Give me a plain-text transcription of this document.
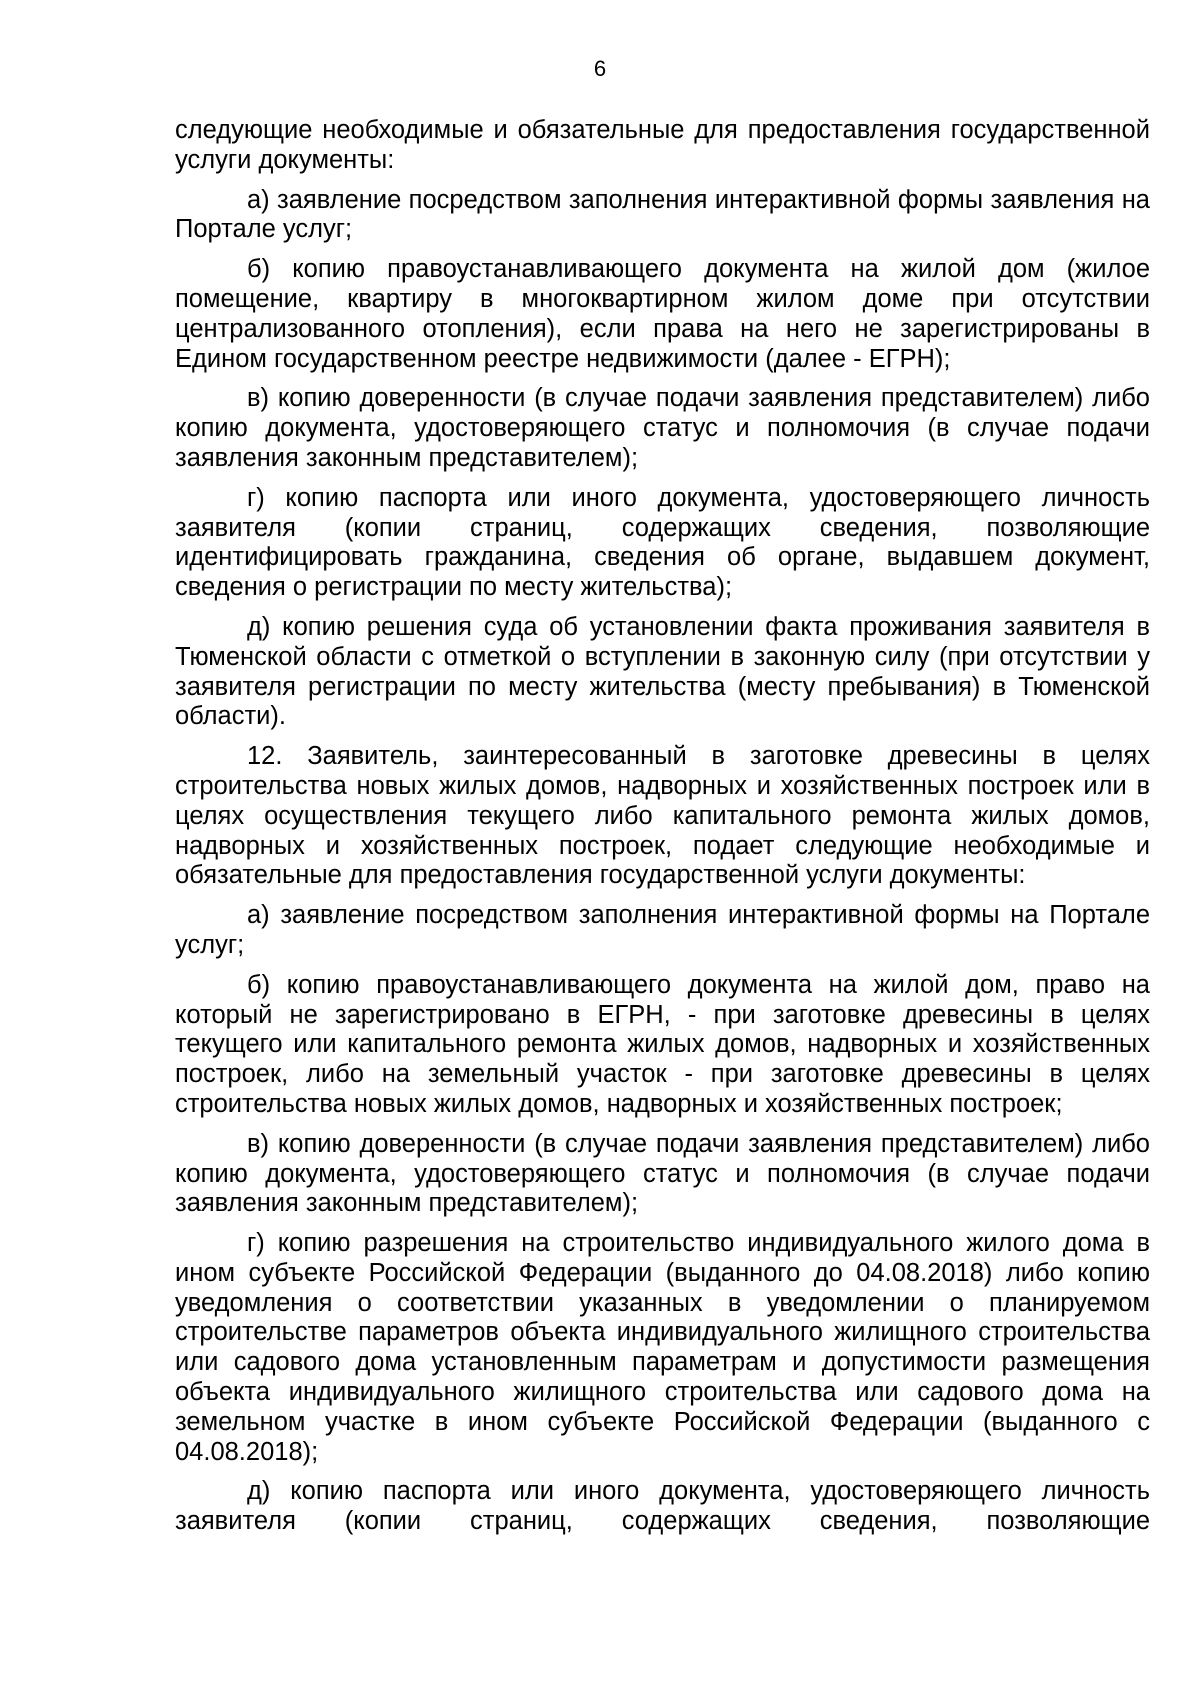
6

следующие необходимые и обязательные для предоставления государственной услуги документы:

а) заявление посредством заполнения интерактивной формы заявления на Портале услуг;

б) копию правоустанавливающего документа на жилой дом (жилое помещение, квартиру в многоквартирном жилом доме при отсутствии централизованного отопления), если права на него не зарегистрированы в Едином государственном реестре недвижимости (далее - ЕГРН);

в) копию доверенности (в случае подачи заявления представителем) либо копию документа, удостоверяющего статус и полномочия (в случае подачи заявления законным представителем);

г) копию паспорта или иного документа, удостоверяющего личность заявителя (копии страниц, содержащих сведения, позволяющие идентифицировать гражданина, сведения об органе, выдавшем документ, сведения о регистрации по месту жительства);

д) копию решения суда об установлении факта проживания заявителя в Тюменской области с отметкой о вступлении в законную силу (при отсутствии у заявителя регистрации по месту жительства (месту пребывания) в Тюменской области).

12. Заявитель, заинтересованный в заготовке древесины в целях строительства новых жилых домов, надворных и хозяйственных построек или в целях осуществления текущего либо капитального ремонта жилых домов, надворных и хозяйственных построек, подает следующие необходимые и обязательные для предоставления государственной услуги документы:

а) заявление посредством заполнения интерактивной формы на Портале услуг;

б) копию правоустанавливающего документа на жилой дом, право на который не зарегистрировано в ЕГРН, - при заготовке древесины в целях текущего или капитального ремонта жилых домов, надворных и хозяйственных построек, либо на земельный участок - при заготовке древесины в целях строительства новых жилых домов, надворных и хозяйственных построек;

в) копию доверенности (в случае подачи заявления представителем) либо копию документа, удостоверяющего статус и полномочия (в случае подачи заявления законным представителем);

г) копию разрешения на строительство индивидуального жилого дома в ином субъекте Российской Федерации (выданного до 04.08.2018) либо копию уведомления о соответствии указанных в уведомлении о планируемом строительстве параметров объекта индивидуального жилищного строительства или садового дома установленным параметрам и допустимости размещения объекта индивидуального жилищного строительства или садового дома на земельном участке в ином субъекте Российской Федерации (выданного с 04.08.2018);

д) копию паспорта или иного документа, удостоверяющего личность заявителя (копии страниц, содержащих сведения, позволяющие
